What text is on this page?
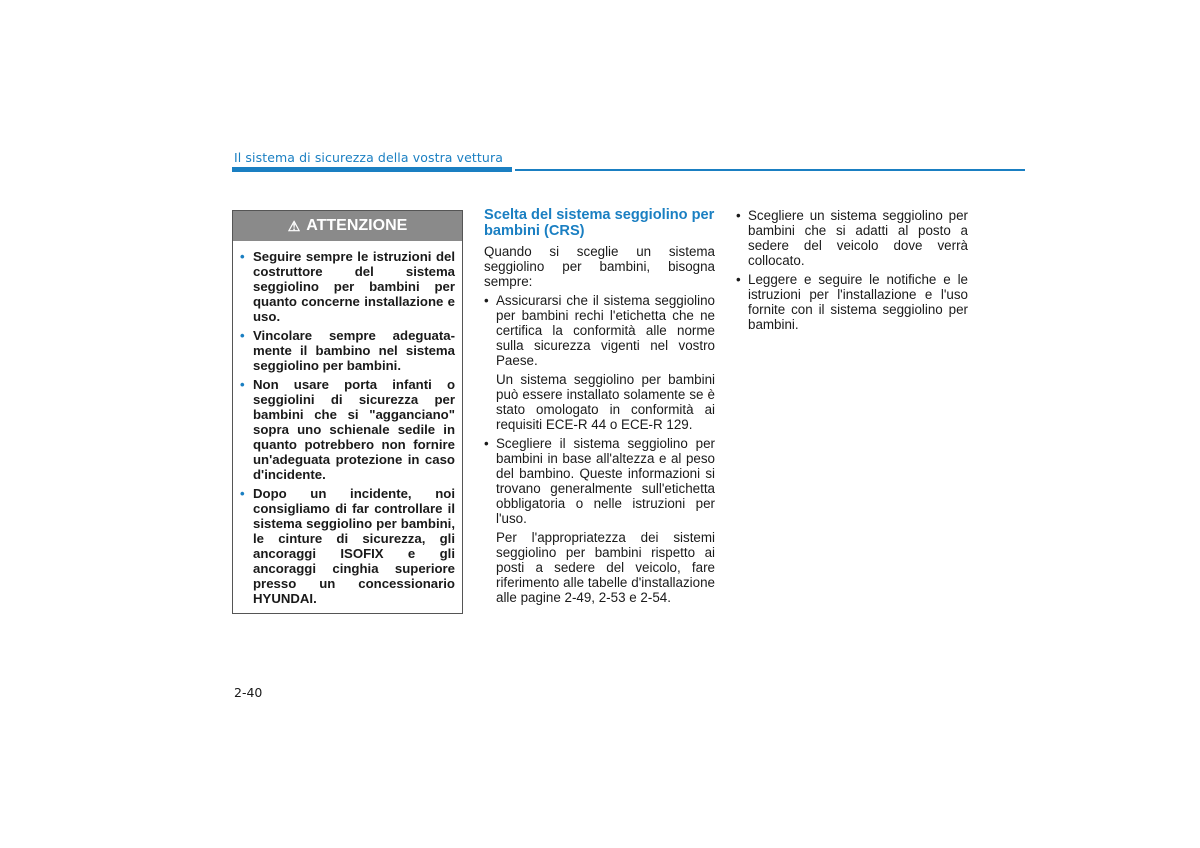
Il sistema di sicurezza della vostra vettura
⚠ ATTENZIONE
• Seguire sempre le istruzioni del costruttore del sistema seggiolino per bambini per quanto concerne installazione e uso.
• Vincolare sempre adeguatamente il bambino nel sistema seggiolino per bambini.
• Non usare porta infanti o seggiolini di sicurezza per bambini che si "agganciano" sopra uno schienale sedile in quanto potrebbero non fornire un'adeguata protezione in caso d'incidente.
• Dopo un incidente, noi consigliamo di far controllare il sistema seggiolino per bambini, le cinture di sicurezza, gli ancoraggi ISOFIX e gli ancoraggi cinghia superiore presso un concessionario HYUNDAI.
Scelta del sistema seggiolino per bambini (CRS)

Quando si sceglie un sistema seggiolino per bambini, bisogna sempre:

• Assicurarsi che il sistema seggiolino per bambini rechi l'etichetta che ne certifica la conformità alle norme sulla sicurezza vigenti nel vostro Paese.

Un sistema seggiolino per bambini può essere installato solamente se è stato omologato in conformità ai requisiti ECE-R 44 o ECE-R 129.

• Scegliere il sistema seggiolino per bambini in base all'altezza e al peso del bambino. Queste informazioni si trovano generalmente sull'etichetta obbligatoria o nelle istruzioni per l'uso.

Per l'appropriatezza dei sistemi seggiolino per bambini rispetto ai posti a sedere del veicolo, fare riferimento alle tabelle d'installazione alle pagine 2-49, 2-53 e 2-54.

• Scegliere un sistema seggiolino per bambini che si adatti al posto a sedere del veicolo dove verrà collocato.
• Leggere e seguire le notifiche e le istruzioni per l'installazione e l'uso fornite con il sistema seggiolino per bambini.
2-40
